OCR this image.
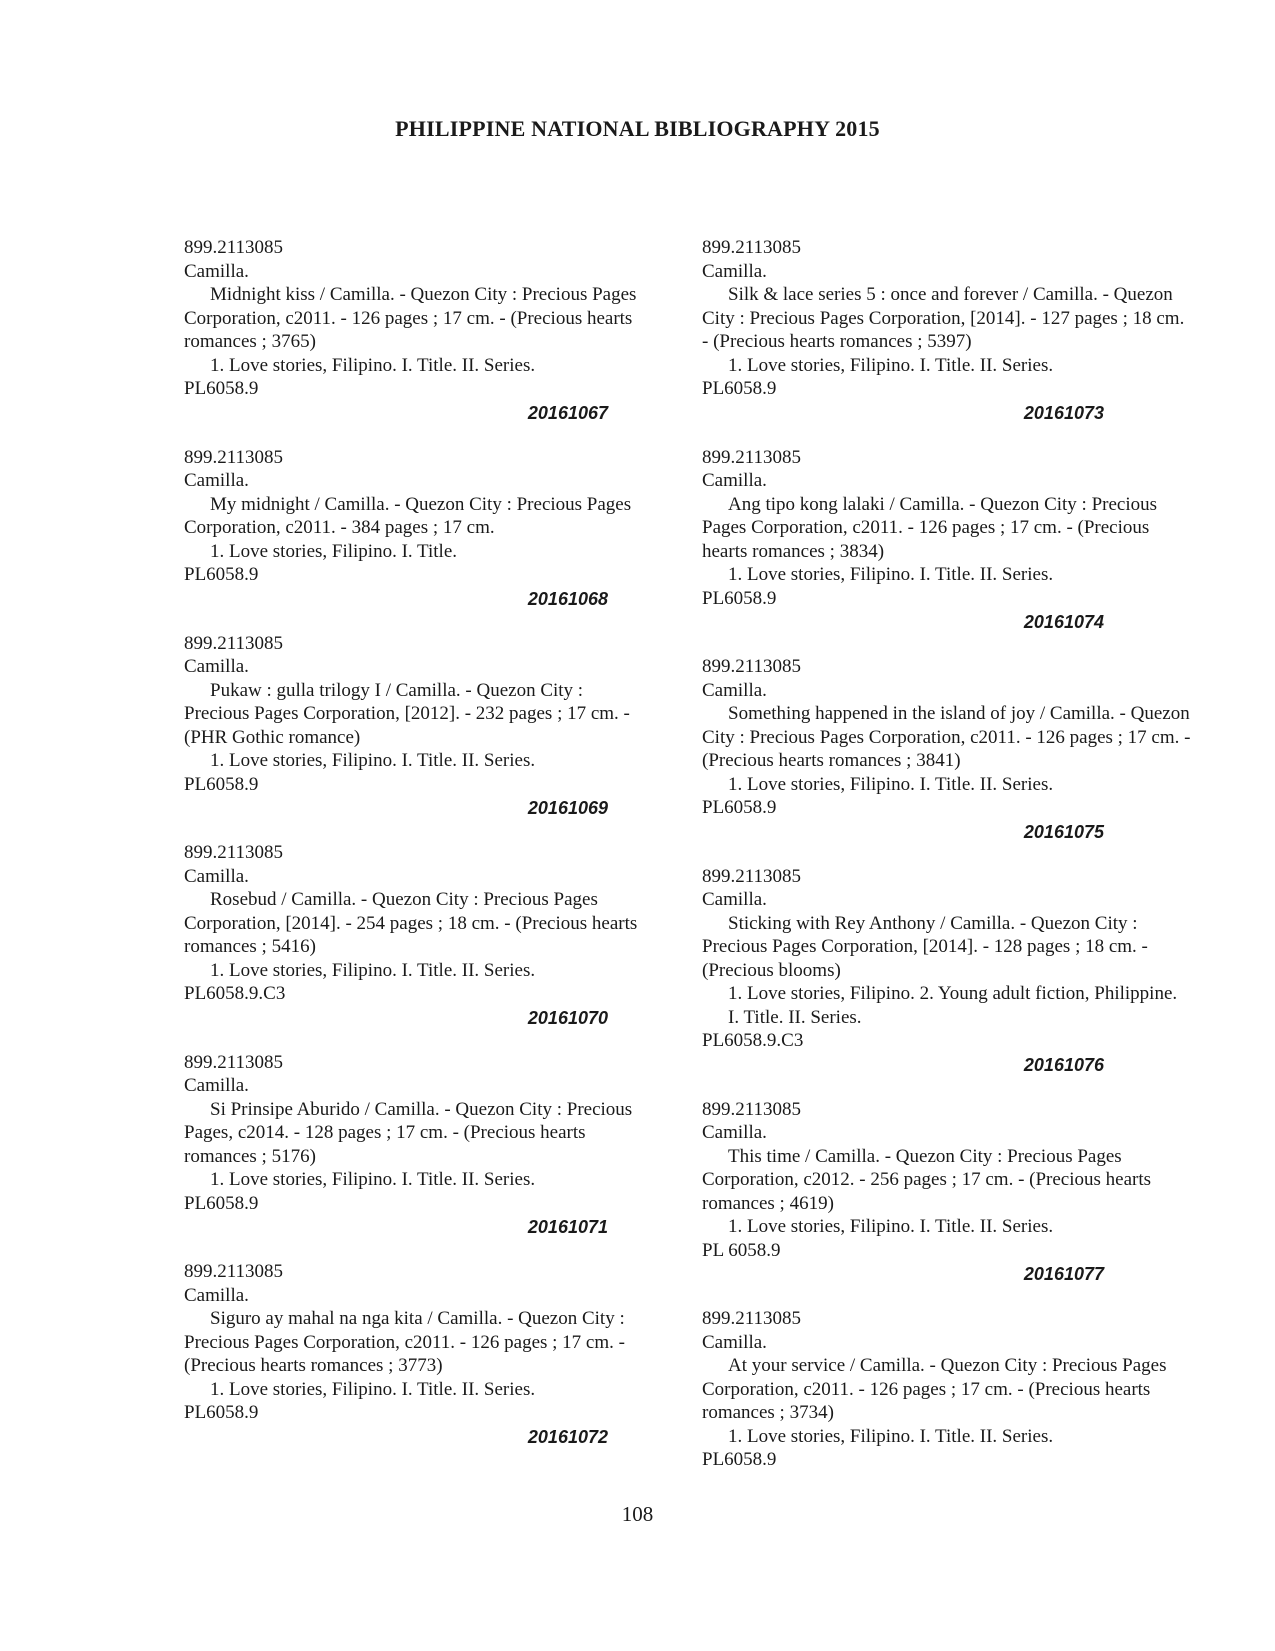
PHILIPPINE NATIONAL BIBLIOGRAPHY 2015
899.2113085
Camilla.
Midnight kiss / Camilla. - Quezon City : Precious Pages Corporation, c2011. - 126 pages ; 17 cm. - (Precious hearts romances ; 3765)
1. Love stories, Filipino. I. Title. II. Series.
PL6058.9
20161067
899.2113085
Camilla.
My midnight / Camilla. - Quezon City : Precious Pages Corporation, c2011. - 384 pages ; 17 cm.
1. Love stories, Filipino. I. Title.
PL6058.9
20161068
899.2113085
Camilla.
Pukaw : gulla trilogy I / Camilla. - Quezon City : Precious Pages Corporation, [2012]. - 232 pages ; 17 cm. - (PHR Gothic romance)
1. Love stories, Filipino. I. Title. II. Series.
PL6058.9
20161069
899.2113085
Camilla.
Rosebud / Camilla. - Quezon City : Precious Pages Corporation, [2014]. - 254 pages ; 18 cm. - (Precious hearts romances ; 5416)
1. Love stories, Filipino. I. Title. II. Series.
PL6058.9.C3
20161070
899.2113085
Camilla.
Si Prinsipe Aburido / Camilla. - Quezon City : Precious Pages, c2014. - 128 pages ; 17 cm. - (Precious hearts romances ; 5176)
1. Love stories, Filipino. I. Title. II. Series.
PL6058.9
20161071
899.2113085
Camilla.
Siguro ay mahal na nga kita / Camilla. - Quezon City : Precious Pages Corporation, c2011. - 126 pages ; 17 cm. - (Precious hearts romances ; 3773)
1. Love stories, Filipino. I. Title. II. Series.
PL6058.9
20161072
899.2113085
Camilla.
Silk & lace series 5 : once and forever / Camilla. - Quezon City : Precious Pages Corporation, [2014]. - 127 pages ; 18 cm. - (Precious hearts romances ; 5397)
1. Love stories, Filipino. I. Title. II. Series.
PL6058.9
20161073
899.2113085
Camilla.
Ang tipo kong lalaki / Camilla. - Quezon City : Precious Pages Corporation, c2011. - 126 pages ; 17 cm. - (Precious hearts romances ; 3834)
1. Love stories, Filipino. I. Title. II. Series.
PL6058.9
20161074
899.2113085
Camilla.
Something happened in the island of joy / Camilla. - Quezon City : Precious Pages Corporation, c2011. - 126 pages ; 17 cm. - (Precious hearts romances ; 3841)
1. Love stories, Filipino. I. Title. II. Series.
PL6058.9
20161075
899.2113085
Camilla.
Sticking with Rey Anthony / Camilla. - Quezon City : Precious Pages Corporation, [2014]. - 128 pages ; 18 cm. - (Precious blooms)
1. Love stories, Filipino. 2. Young adult fiction, Philippine. I. Title. II. Series.
PL6058.9.C3
20161076
899.2113085
Camilla.
This time / Camilla. - Quezon City : Precious Pages Corporation, c2012. - 256 pages ; 17 cm. - (Precious hearts romances ; 4619)
1. Love stories, Filipino. I. Title. II. Series.
PL 6058.9
20161077
899.2113085
Camilla.
At your service / Camilla. - Quezon City : Precious Pages Corporation, c2011. - 126 pages ; 17 cm. - (Precious hearts romances ; 3734)
1. Love stories, Filipino. I. Title. II. Series.
PL6058.9
108
